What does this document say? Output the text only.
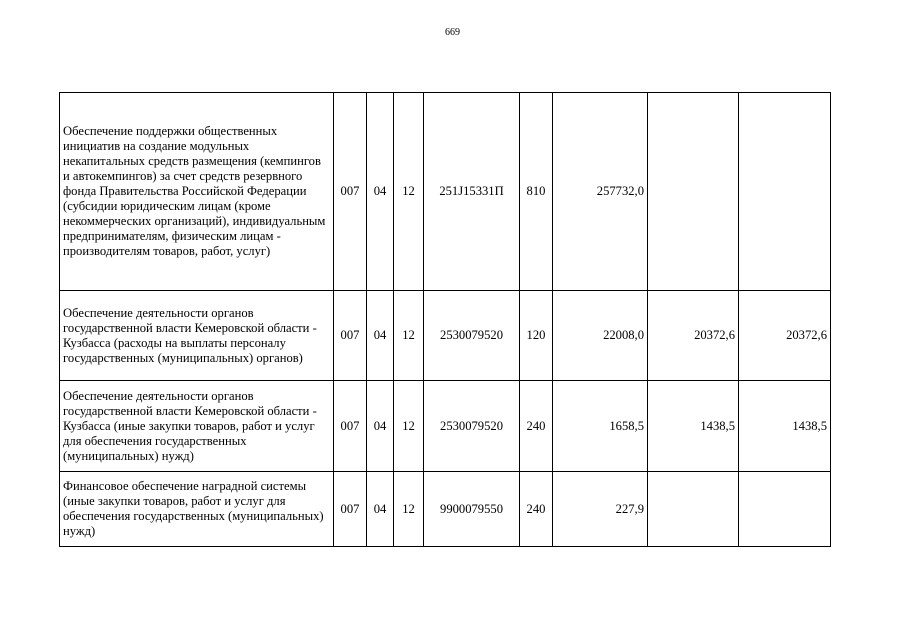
669
Обеспечение поддержки общественных инициатив на создание модульных некапитальных средств размещения (кемпингов и автокемпингов) за счет средств резервного фонда Правительства Российской Федерации (субсидии юридическим лицам (кроме некоммерческих организаций), индивидуальным предпринимателям, физическим лицам - производителям товаров, работ, услуг)	007	04	12	251J15331П	810	257732,0		
Обеспечение деятельности органов государственной власти Кемеровской области - Кузбасса (расходы на выплаты персоналу государственных (муниципальных) органов)	007	04	12	2530079520	120	22008,0	20372,6	20372,6
Обеспечение деятельности органов государственной власти Кемеровской области - Кузбасса (иные закупки товаров, работ и услуг для обеспечения государственных (муниципальных) нужд)	007	04	12	2530079520	240	1658,5	1438,5	1438,5
Финансовое обеспечение наградной системы (иные закупки товаров, работ и услуг для обеспечения государственных (муниципальных) нужд)	007	04	12	9900079550	240	227,9		
